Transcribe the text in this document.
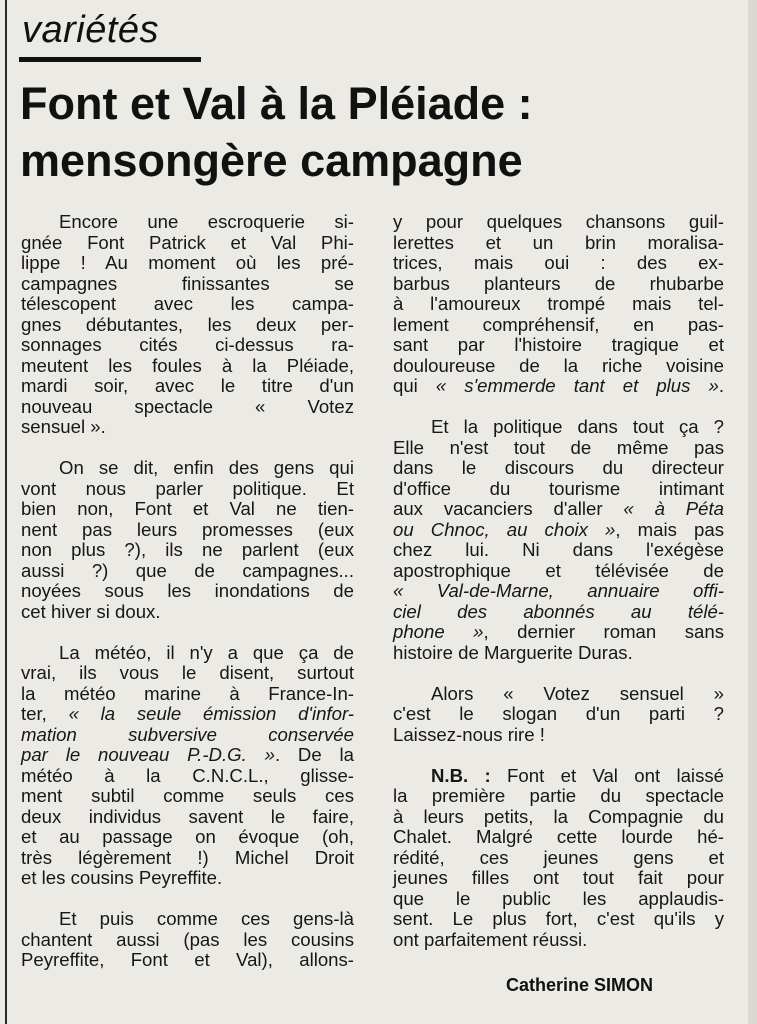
variétés
Font et Val à la Pléiade :
mensongère campagne
Encore une escroquerie si-
gnée Font Patrick et Val Phi-
lippe ! Au moment où les pré-
campagnes finissantes se
télescopent avec les campa-
gnes débutantes, les deux per-
sonnages cités ci-dessus ra-
meutent les foules à la Pléiade,
mardi soir, avec le titre d'un
nouveau spectacle « Votez
sensuel ».
On se dit, enfin des gens qui
vont nous parler politique. Et
bien non, Font et Val ne tien-
nent pas leurs promesses (eux
non plus ?), ils ne parlent (eux
aussi ?) que de campagnes...
noyées sous les inondations de
cet hiver si doux.
La météo, il n'y a que ça de
vrai, ils vous le disent, surtout
la météo marine à France-In-
ter, « la seule émission d'infor-
mation subversive conservée
par le nouveau P.-D.G. ». De la
météo à la C.N.C.L., glisse-
ment subtil comme seuls ces
deux individus savent le faire,
et au passage on évoque (oh,
très légèrement !) Michel Droit
et les cousins Peyreffite.
Et puis comme ces gens-là
chantent aussi (pas les cousins
Peyreffite, Font et Val), allons-
y pour quelques chansons guil-
lerettes et un brin moralisa-
trices, mais oui : des ex-
barbus planteurs de rhubarbe
à l'amoureux trompé mais tel-
lement compréhensif, en pas-
sant par l'histoire tragique et
douloureuse de la riche voisine
qui « s'emmerde tant et plus ».
Et la politique dans tout ça ?
Elle n'est tout de même pas
dans le discours du directeur
d'office du tourisme intimant
aux vacanciers d'aller « à Péta
ou Chnoc, au choix », mais pas
chez lui. Ni dans l'exégèse
apostrophique et télévisée de
« Val-de-Marne, annuaire offi-
ciel des abonnés au télé-
phone », dernier roman sans
histoire de Marguerite Duras.
Alors « Votez sensuel »
c'est le slogan d'un parti ?
Laissez-nous rire !
N.B. : Font et Val ont laissé
la première partie du spectacle
à leurs petits, la Compagnie du
Chalet. Malgré cette lourde hé-
rédité, ces jeunes gens et
jeunes filles ont tout fait pour
que le public les applaudis-
sent. Le plus fort, c'est qu'ils y
ont parfaitement réussi.
Catherine SIMON
